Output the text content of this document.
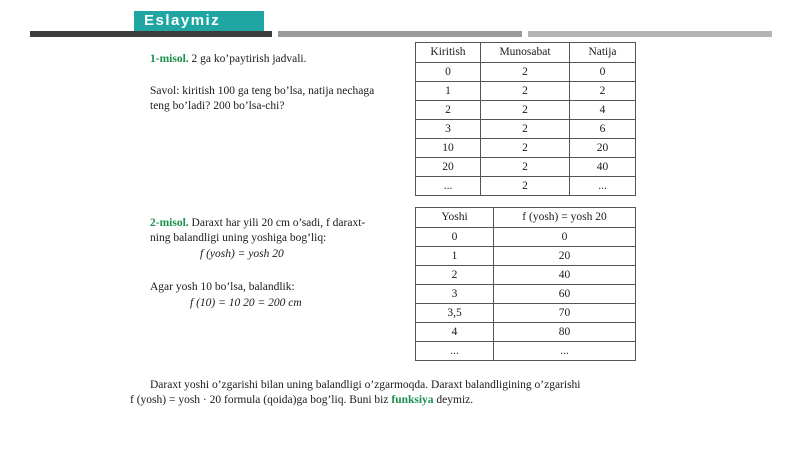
Eslaymiz
1-misol. 2 ga ko’paytirish jadvali.
Savol: kiritish 100 ga teng bo’lsa, natija nechaga
teng bo’ladi? 200 bo’lsa-chi?
Kiritish	Munosabat	Natija
0	2	0
1	2	2
2	2	4
3	2	6
10	2	20
20	2	40
...	2	...
2-misol. Daraxt har yili 20 cm o’sadi, f daraxt-
ning balandligi uning yoshiga bog’liq:
f (yosh) = yosh 20
Agar yosh 10 bo’lsa, balandlik:
f (10) = 10 20 = 200 cm
Yoshi	f (yosh) = yosh 20
0	0
1	20
2	40
3	60
3,5	70
4	80
...	...
Daraxt yoshi o’zgarishi bilan uning balandligi o’zgarmoqda. Daraxt balandligining o’zgarishi
f (yosh) = yosh · 20 formula (qoida)ga bog’liq. Buni biz funksiya deymiz.
